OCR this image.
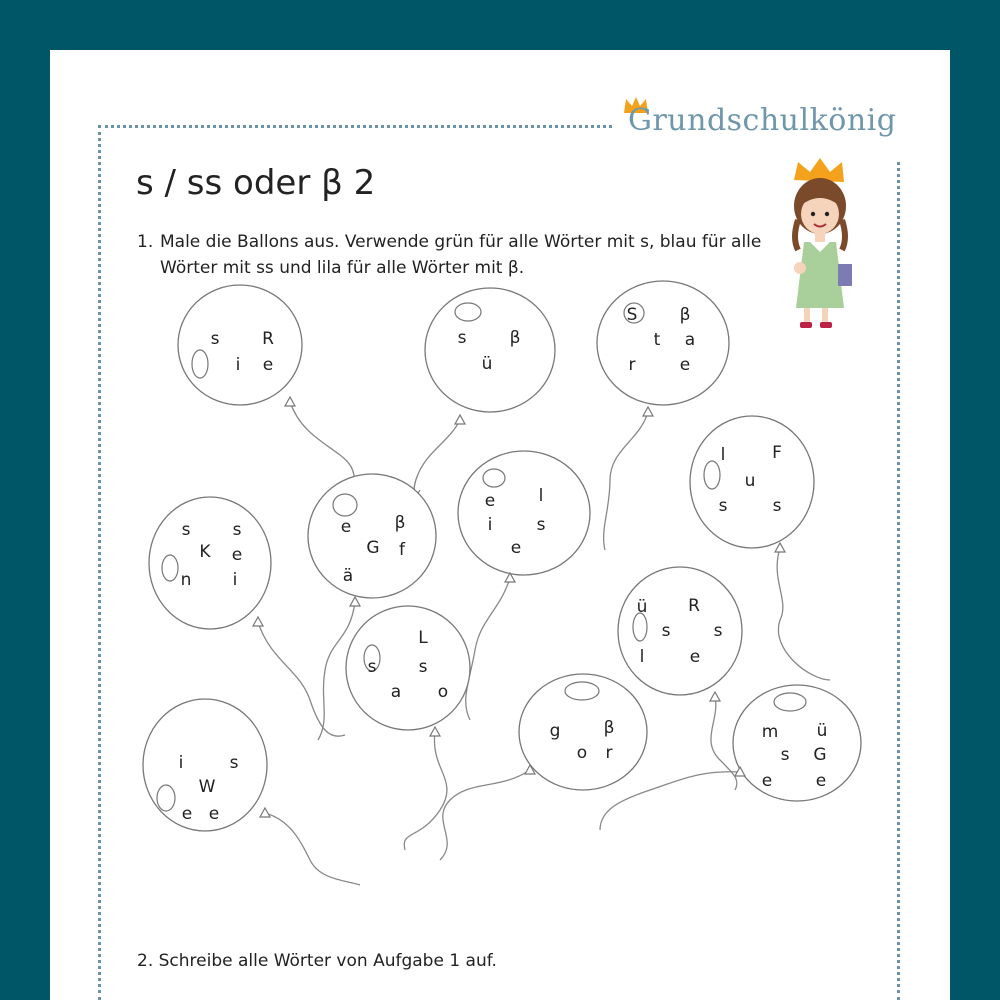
Grundschulkönig
s / ss oder β 2
1. Male die Ballons aus. Verwende grün für alle Wörter mit s, blau für alle Wörter mit ss und lila für alle Wörter mit β.
s	R
i e
s	β
ü
S β
t a
r	e
l	F
u
s	s
s s
K e
n i
e	β
G f
ä
e	l
i	s
e
ü R
s	s
l	e
L
s s
a o
g	β
o r
m ü
s G
e	e
i	s
W
e e
2. Schreibe alle Wörter von Aufgabe 1 auf.
